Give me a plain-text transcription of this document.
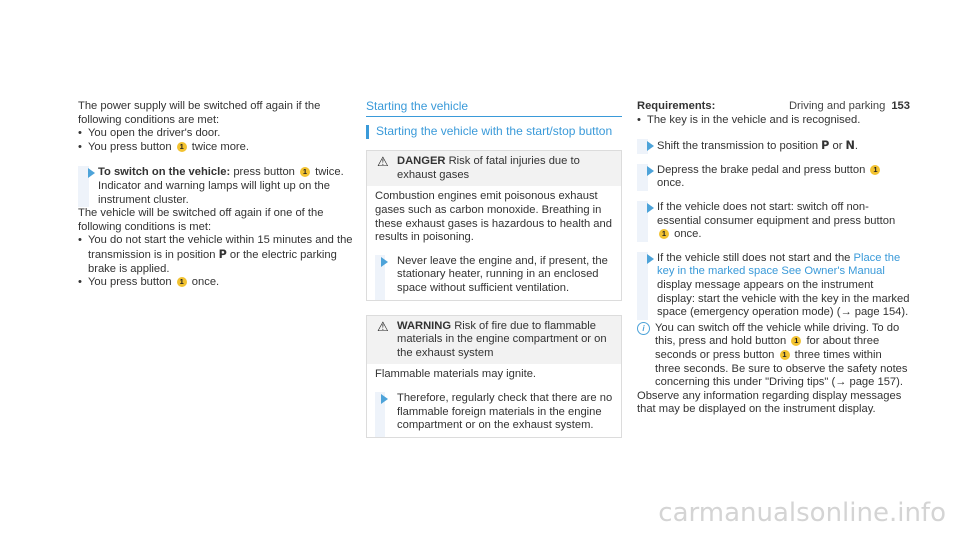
Driving and parking 153

The power supply will be switched off again if the following conditions are met:

• You open the driver's door.

• You press button 1 twice more.

To switch on the vehicle: press button 1 twice.

Indicator and warning lamps will light up on the instrument cluster.

The vehicle will be switched off again if one of the following conditions is met:

• You do not start the vehicle within 15 minutes and the transmission is in position P or the electric parking brake is applied.

• You press button 1 once.

Starting the vehicle
Starting the vehicle with the start/stop button
⚠ DANGER Risk of fatal injuries due to exhaust gases
Combustion engines emit poisonous exhaust gases such as carbon monoxide. Breathing in these exhaust gases is hazardous to health and results in poisoning.
Never leave the engine and, if present, the stationary heater, running in an enclosed space without sufficient ventilation.
⚠ WARNING Risk of fire due to flammable materials in the engine compartment or on the exhaust system
Flammable materials may ignite.
Therefore, regularly check that there are no flammable foreign materials in the engine compartment or on the exhaust system.

Requirements:

• The key is in the vehicle and is recognised.

Shift the transmission to position P or N.

Depress the brake pedal and press button 1 once.

If the vehicle does not start: switch off non-essential consumer equipment and press button 1 once.

If the vehicle still does not start and the Place the key in the marked space See Owner's Manual display message appears on the instrument display: start the vehicle with the key in the marked space (emergency operation mode) (→ page 154).

i You can switch off the vehicle while driving. To do this, press and hold button 1 for about three seconds or press button 1 three times within three seconds. Be sure to observe the safety notes concerning this under "Driving tips" (→ page 157).

Observe any information regarding display messages that may be displayed on the instrument display.

carmanualsonline.info
